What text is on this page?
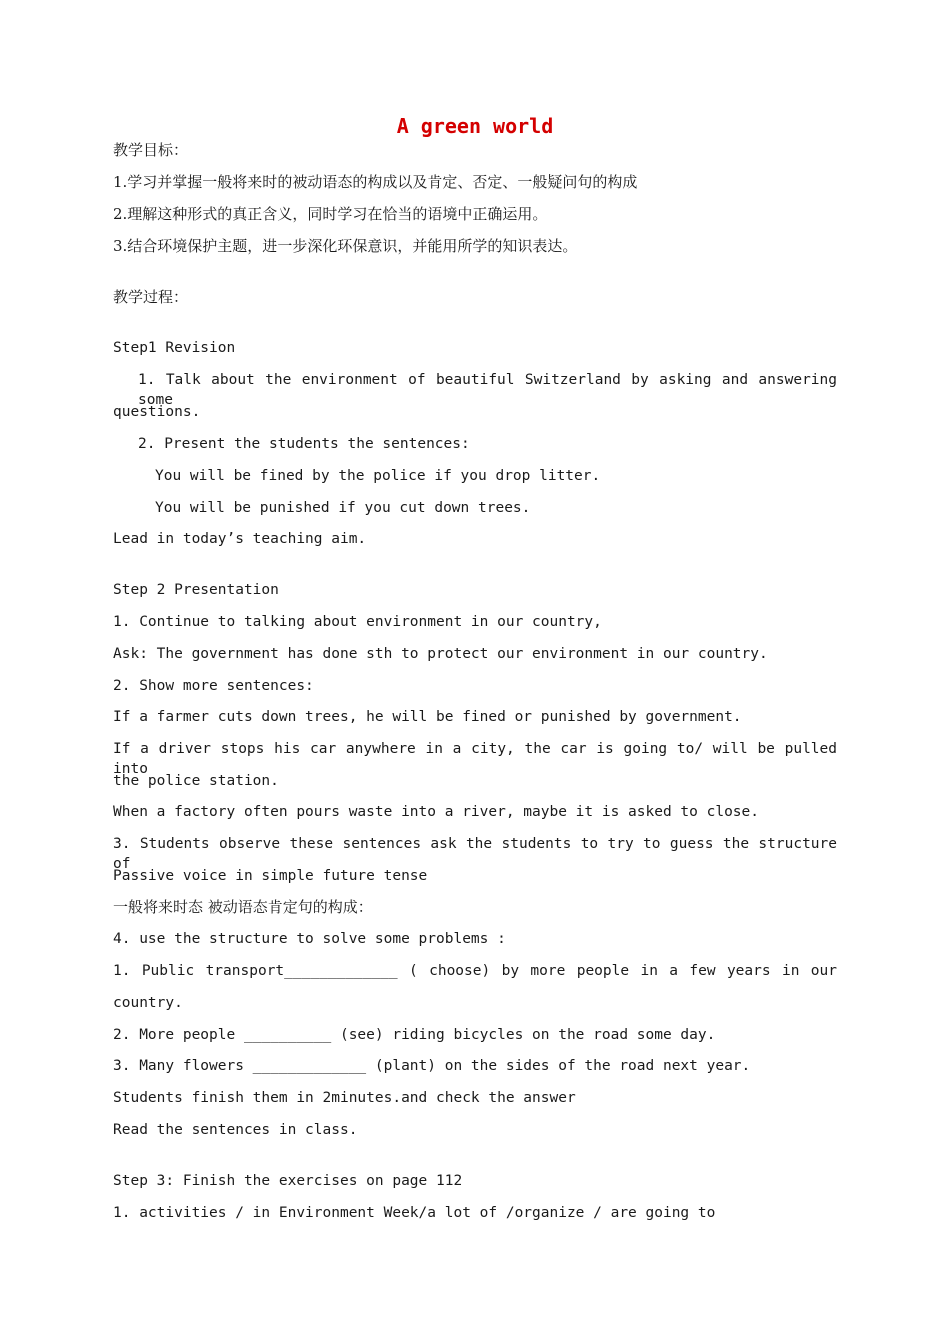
A green world
教学目标：
1.学习并掌握一般将来时的被动语态的构成以及肯定、否定、一般疑问句的构成
2.理解这种形式的真正含义，同时学习在恰当的语境中正确运用。
3.结合环境保护主题，进一步深化环保意识，并能用所学的知识表达。
教学过程：
Step1 Revision
1. Talk about the environment of beautiful Switzerland by asking and answering some
questions.
2. Present the students the sentences:
You will be fined by the police if you drop litter.
You will be punished if you cut down trees.
Lead in today’s teaching aim.
Step 2 Presentation
1. Continue to talking about environment in our country,
Ask: The government has done sth to protect our environment in our country.
2. Show more sentences:
If a farmer cuts down trees, he will be fined or punished by government.
If a driver stops his car anywhere in a city, the car is going to/ will be pulled into
the police station.
When a factory often pours waste into a river, maybe it is asked to close.
3. Students observe these sentences ask the students to try to guess the structure of
Passive voice in simple future tense
一般将来时态 被动语态肯定句的构成：
4. use the structure to solve some problems :
1. Public transport_____________ ( choose) by more people in a few years in our
country.
2. More people __________ (see) riding bicycles on the road some day.
3. Many flowers _____________ (plant) on the sides of the road next year.
Students finish them in 2minutes.and check the answer
Read the sentences in class.
Step 3: Finish the exercises on page 112
1. activities / in Environment Week/a lot of /organize / are going to
